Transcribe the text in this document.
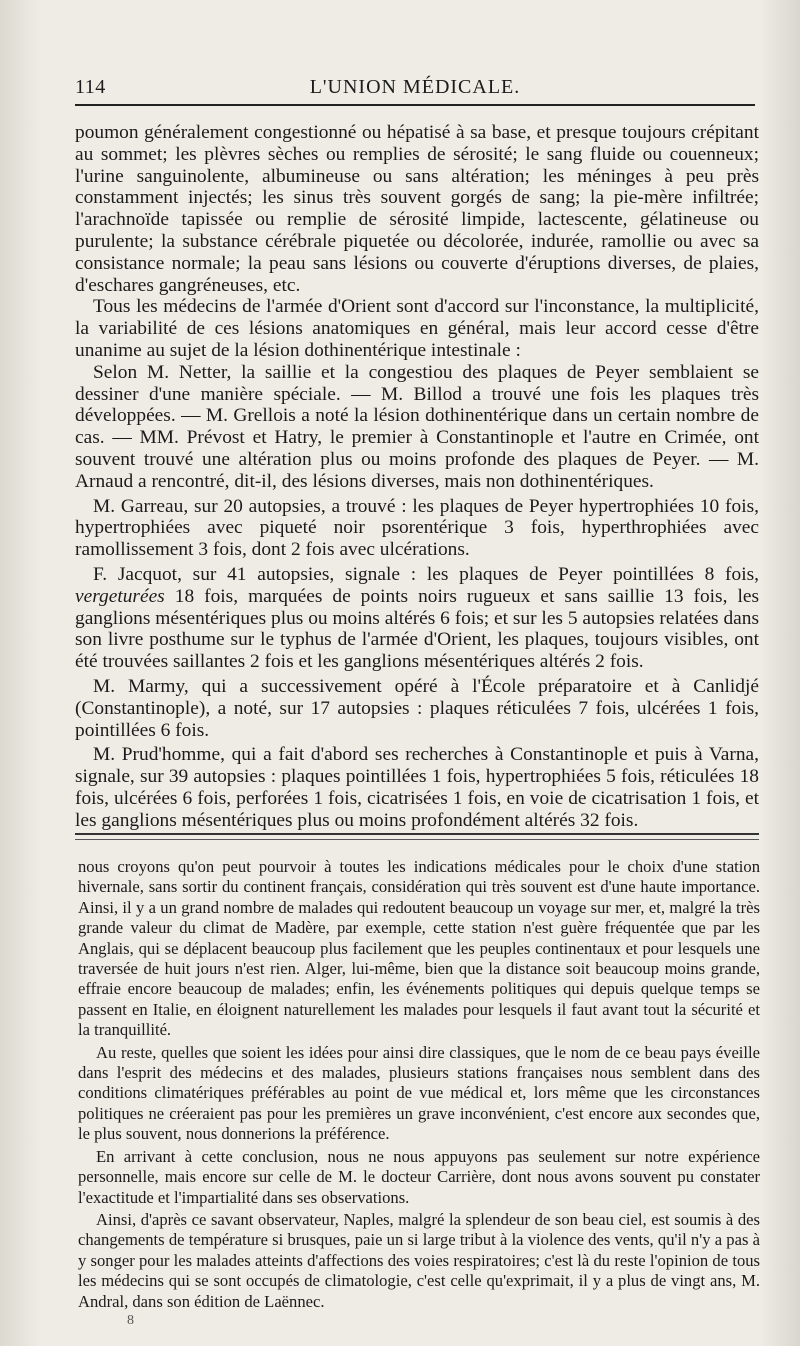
114	L'UNION MÉDICALE.

poumon généralement congestionné ou hépatisé à sa base, et presque toujours crépitant au sommet; les plèvres sèches ou remplies de sérosité; le sang fluide ou couenneux; l'urine sanguinolente, albumineuse ou sans altération; les méninges à peu près constamment injectés; les sinus très souvent gorgés de sang; la pie-mère infiltrée; l'arachnoïde tapissée ou remplie de sérosité limpide, lactescente, gélatineuse ou purulente; la substance cérébrale piquetée ou décolorée, indurée, ramollie ou avec sa consistance normale; la peau sans lésions ou couverte d'éruptions diverses, de plaies, d'eschares gangréneuses, etc.

Tous les médecins de l'armée d'Orient sont d'accord sur l'inconstance, la multiplicité, la variabilité de ces lésions anatomiques en général, mais leur accord cesse d'être unanime au sujet de la lésion dothinentérique intestinale :

Selon M. Netter, la saillie et la congestiou des plaques de Peyer semblaient se dessiner d'une manière spéciale. — M. Billod a trouvé une fois les plaques très développées. — M. Grellois a noté la lésion dothinentérique dans un certain nombre de cas. — MM. Prévost et Hatry, le premier à Constantinople et l'autre en Crimée, ont souvent trouvé une altération plus ou moins profonde des plaques de Peyer. — M. Arnaud a rencontré, dit-il, des lésions diverses, mais non dothinentériques.

M. Garreau, sur 20 autopsies, a trouvé : les plaques de Peyer hypertrophiées 10 fois, hypertrophiées avec piqueté noir psorentérique 3 fois, hyperthrophiées avec ramollissement 3 fois, dont 2 fois avec ulcérations.

F. Jacquot, sur 41 autopsies, signale : les plaques de Peyer pointillées 8 fois, vergeturées 18 fois, marquées de points noirs rugueux et sans saillie 13 fois, les ganglions mésentériques plus ou moins altérés 6 fois; et sur les 5 autopsies relatées dans son livre posthume sur le typhus de l'armée d'Orient, les plaques, toujours visibles, ont été trouvées saillantes 2 fois et les ganglions mésentériques altérés 2 fois.

M. Marmy, qui a successivement opéré à l'École préparatoire et à Canlidjé (Constantinople), a noté, sur 17 autopsies : plaques réticulées 7 fois, ulcérées 1 fois, pointillées 6 fois.

M. Prud'homme, qui a fait d'abord ses recherches à Constantinople et puis à Varna, signale, sur 39 autopsies : plaques pointillées 1 fois, hypertrophiées 5 fois, réticulées 18 fois, ulcérées 6 fois, perforées 1 fois, cicatrisées 1 fois, en voie de cicatrisation 1 fois, et les ganglions mésentériques plus ou moins profondément altérés 32 fois.

nous croyons qu'on peut pourvoir à toutes les indications médicales pour le choix d'une station hivernale, sans sortir du continent français, considération qui très souvent est d'une haute importance. Ainsi, il y a un grand nombre de malades qui redoutent beaucoup un voyage sur mer, et, malgré la très grande valeur du climat de Madère, par exemple, cette station n'est guère fréquentée que par les Anglais, qui se déplacent beaucoup plus facilement que les peuples continentaux et pour lesquels une traversée de huit jours n'est rien. Alger, lui-même, bien que la distance soit beaucoup moins grande, effraie encore beaucoup de malades; enfin, les événements politiques qui depuis quelque temps se passent en Italie, en éloignent naturellement les malades pour lesquels il faut avant tout la sécurité et la tranquillité.

Au reste, quelles que soient les idées pour ainsi dire classiques, que le nom de ce beau pays éveille dans l'esprit des médecins et des malades, plusieurs stations françaises nous semblent dans des conditions climatériques préférables au point de vue médical et, lors même que les circonstances politiques ne créeraient pas pour les premières un grave inconvénient, c'est encore aux secondes que, le plus souvent, nous donnerions la préférence.

En arrivant à cette conclusion, nous ne nous appuyons pas seulement sur notre expérience personnelle, mais encore sur celle de M. le docteur Carrière, dont nous avons souvent pu constater l'exactitude et l'impartialité dans ses observations.

Ainsi, d'après ce savant observateur, Naples, malgré la splendeur de son beau ciel, est soumis à des changements de température si brusques, paie un si large tribut à la violence des vents, qu'il n'y a pas à y songer pour les malades atteints d'affections des voies respiratoires; c'est là du reste l'opinion de tous les médecins qui se sont occupés de climatologie, c'est celle qu'exprimait, il y a plus de vingt ans, M. Andral, dans son édition de Laënnec.

8
